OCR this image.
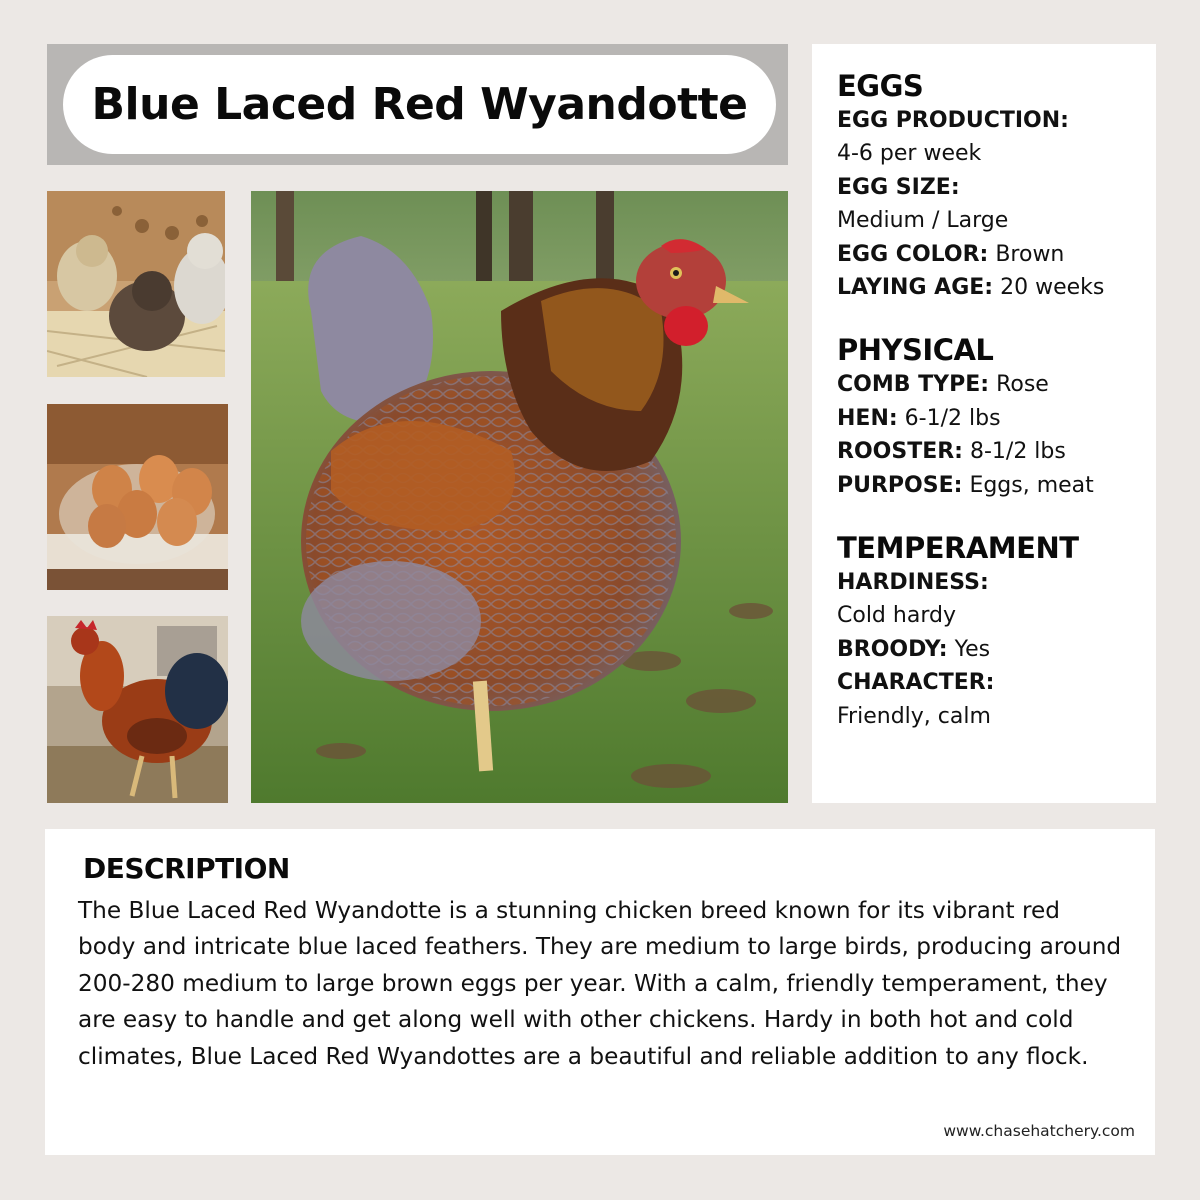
Blue Laced Red Wyandotte	EGGS
EGG PRODUCTION:
4-6 per week
EGG SIZE:
Medium / Large
EGG COLOR: Brown
LAYING AGE: 20 weeks
PHYSICAL
COMB TYPE: Rose
HEN: 6-1/2 lbs
ROOSTER: 8-1/2 lbs
PURPOSE: Eggs, meat
TEMPERAMENT
HARDINESS:
Cold hardy
BROODY: Yes
CHARACTER:
Friendly, calm
DESCRIPTION

The Blue Laced Red Wyandotte is a stunning chicken breed known for its vibrant red body and intricate blue laced feathers. They are medium to large birds, producing around 200-280 medium to large brown eggs per year. With a calm, friendly temperament, they are easy to handle and get along well with other chickens. Hardy in both hot and cold climates, Blue Laced Red Wyandottes are a beautiful and reliable addition to any flock.

www.chasehatchery.com
